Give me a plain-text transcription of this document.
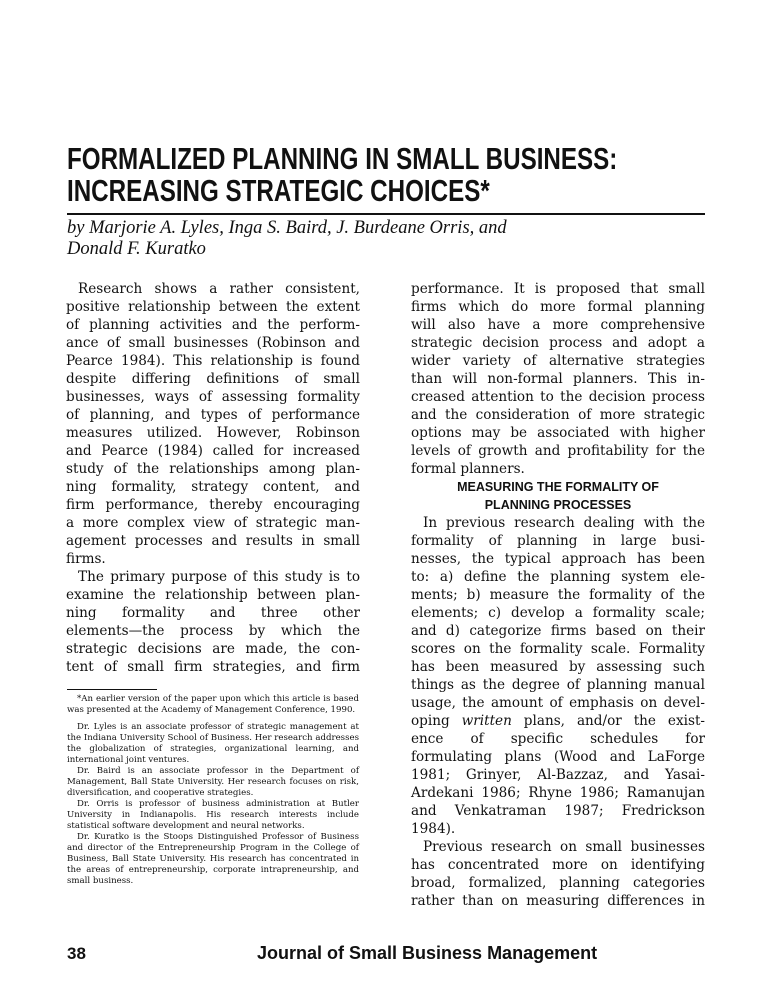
FORMALIZED PLANNING IN SMALL BUSINESS:
INCREASING STRATEGIC CHOICES*
by Marjorie A. Lyles, Inga S. Baird, J. Burdeane Orris, and
Donald F. Kuratko
Research shows a rather consistent,
positive relationship between the extent
of planning activities and the perform-
ance of small businesses (Robinson and
Pearce 1984). This relationship is found
despite differing definitions of small
businesses, ways of assessing formality
of planning, and types of performance
measures utilized. However, Robinson
and Pearce (1984) called for increased
study of the relationships among plan-
ning formality, strategy content, and
firm performance, thereby encouraging
a more complex view of strategic man-
agement processes and results in small
firms.
The primary purpose of this study is to
examine the relationship between plan-
ning formality and three other
elements—the process by which the
strategic decisions are made, the con-
tent of small firm strategies, and firm
performance. It is proposed that small
firms which do more formal planning
will also have a more comprehensive
strategic decision process and adopt a
wider variety of alternative strategies
than will non-formal planners. This in-
creased attention to the decision process
and the consideration of more strategic
options may be associated with higher
levels of growth and profitability for the
formal planners.
MEASURING THE FORMALITY OF
PLANNING PROCESSES
In previous research dealing with the
formality of planning in large busi-
nesses, the typical approach has been
to: a) define the planning system ele-
ments; b) measure the formality of the
elements; c) develop a formality scale;
and d) categorize firms based on their
scores on the formality scale. Formality
has been measured by assessing such
things as the degree of planning manual
usage, the amount of emphasis on devel-
oping written plans, and/or the exist-
ence of specific schedules for
formulating plans (Wood and LaForge
1981; Grinyer, Al-Bazzaz, and Yasai-
Ardekani 1986; Rhyne 1986; Ramanujan
and Venkatraman 1987; Fredrickson
1984).
Previous research on small businesses
has concentrated more on identifying
broad, formalized, planning categories
rather than on measuring differences in
*An earlier version of the paper upon which this article is based was presented at the Academy of Management Conference, 1990.
Dr. Lyles is an associate professor of strategic management at the Indiana University School of Business. Her research addresses the globalization of strategies, organizational learning, and international joint ventures.
Dr. Baird is an associate professor in the Department of Management, Ball State University. Her research focuses on risk, diversification, and cooperative strategies.
Dr. Orris is professor of business administration at Butler University in Indianapolis. His research interests include statistical software development and neural networks.
Dr. Kuratko is the Stoops Distinguished Professor of Business and director of the Entrepreneurship Program in the College of Business, Ball State University. His research has concentrated in the areas of entrepreneurship, corporate intrapreneurship, and small business.
38	Journal of Small Business Management
